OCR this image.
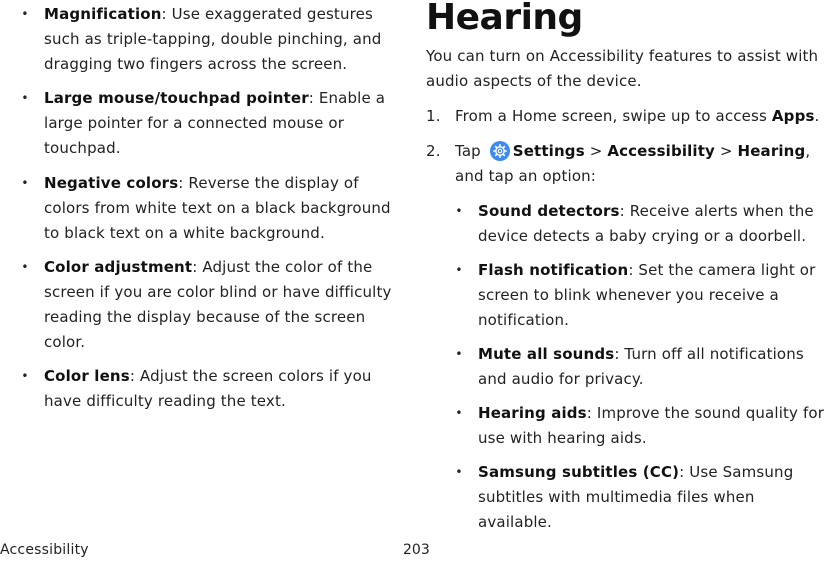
• Magnification: Use exaggerated gestures such as triple-tapping, double pinching, and dragging two fingers across the screen.
• Large mouse/touchpad pointer: Enable a large pointer for a connected mouse or touchpad.
• Negative colors: Reverse the display of colors from white text on a black background to black text on a white background.
• Color adjustment: Adjust the color of the screen if you are color blind or have difficulty reading the display because of the screen color.
• Color lens: Adjust the screen colors if you have difficulty reading the text.
Hearing
You can turn on Accessibility features to assist with audio aspects of the device.
1. From a Home screen, swipe up to access Apps.
2. Tap Settings > Accessibility > Hearing, and tap an option:
• Sound detectors: Receive alerts when the device detects a baby crying or a doorbell.
• Flash notification: Set the camera light or screen to blink whenever you receive a notification.
• Mute all sounds: Turn off all notifications and audio for privacy.
• Hearing aids: Improve the sound quality for use with hearing aids.
• Samsung subtitles (CC): Use Samsung subtitles with multimedia files when available.
Accessibility	203
